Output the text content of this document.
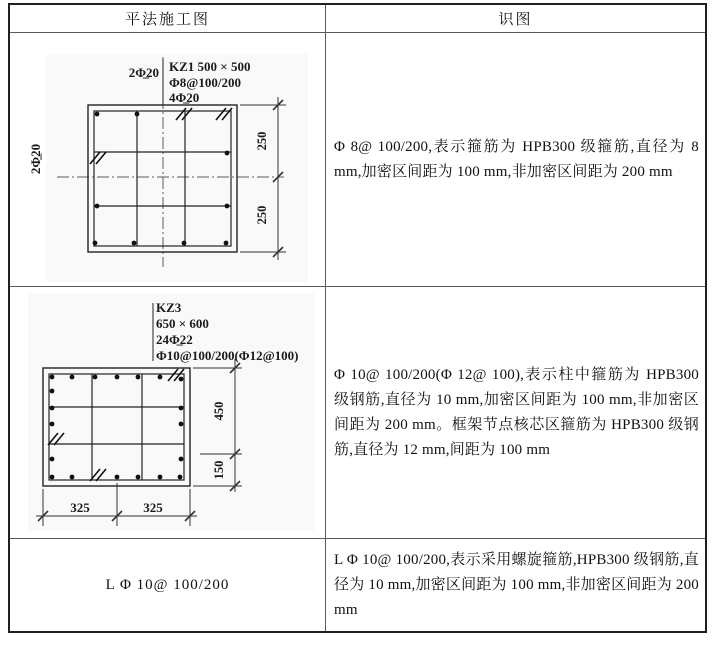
平法施工图	识图
2Φ̲20 KZ1 500 × 500
Φ8@100/200
4Φ̲20
2Φ̲20
250
250

Φ 8@ 100/200,表示箍筋为 HPB300 级箍筋,直径为 8 mm,加密区间距为 100 mm,非加密区间距为 200 mm

KZ3
650 × 600
24Φ̲22
Φ10@100/200(Φ12@100)
450
150
325	325

Φ 10@ 100/200(Φ 12@ 100),表示柱中箍筋为 HPB300 级钢筋,直径为 10 mm,加密区间距为 100 mm,非加密区间距为 200 mm。框架节点核芯区箍筋为 HPB300 级钢筋,直径为 12 mm,间距为 100 mm

L Φ 10@ 100/200

L Φ 10@ 100/200,表示采用螺旋箍筋,HPB300 级钢筋,直径为 10 mm,加密区间距为 100 mm,非加密区间距为 200 mm
